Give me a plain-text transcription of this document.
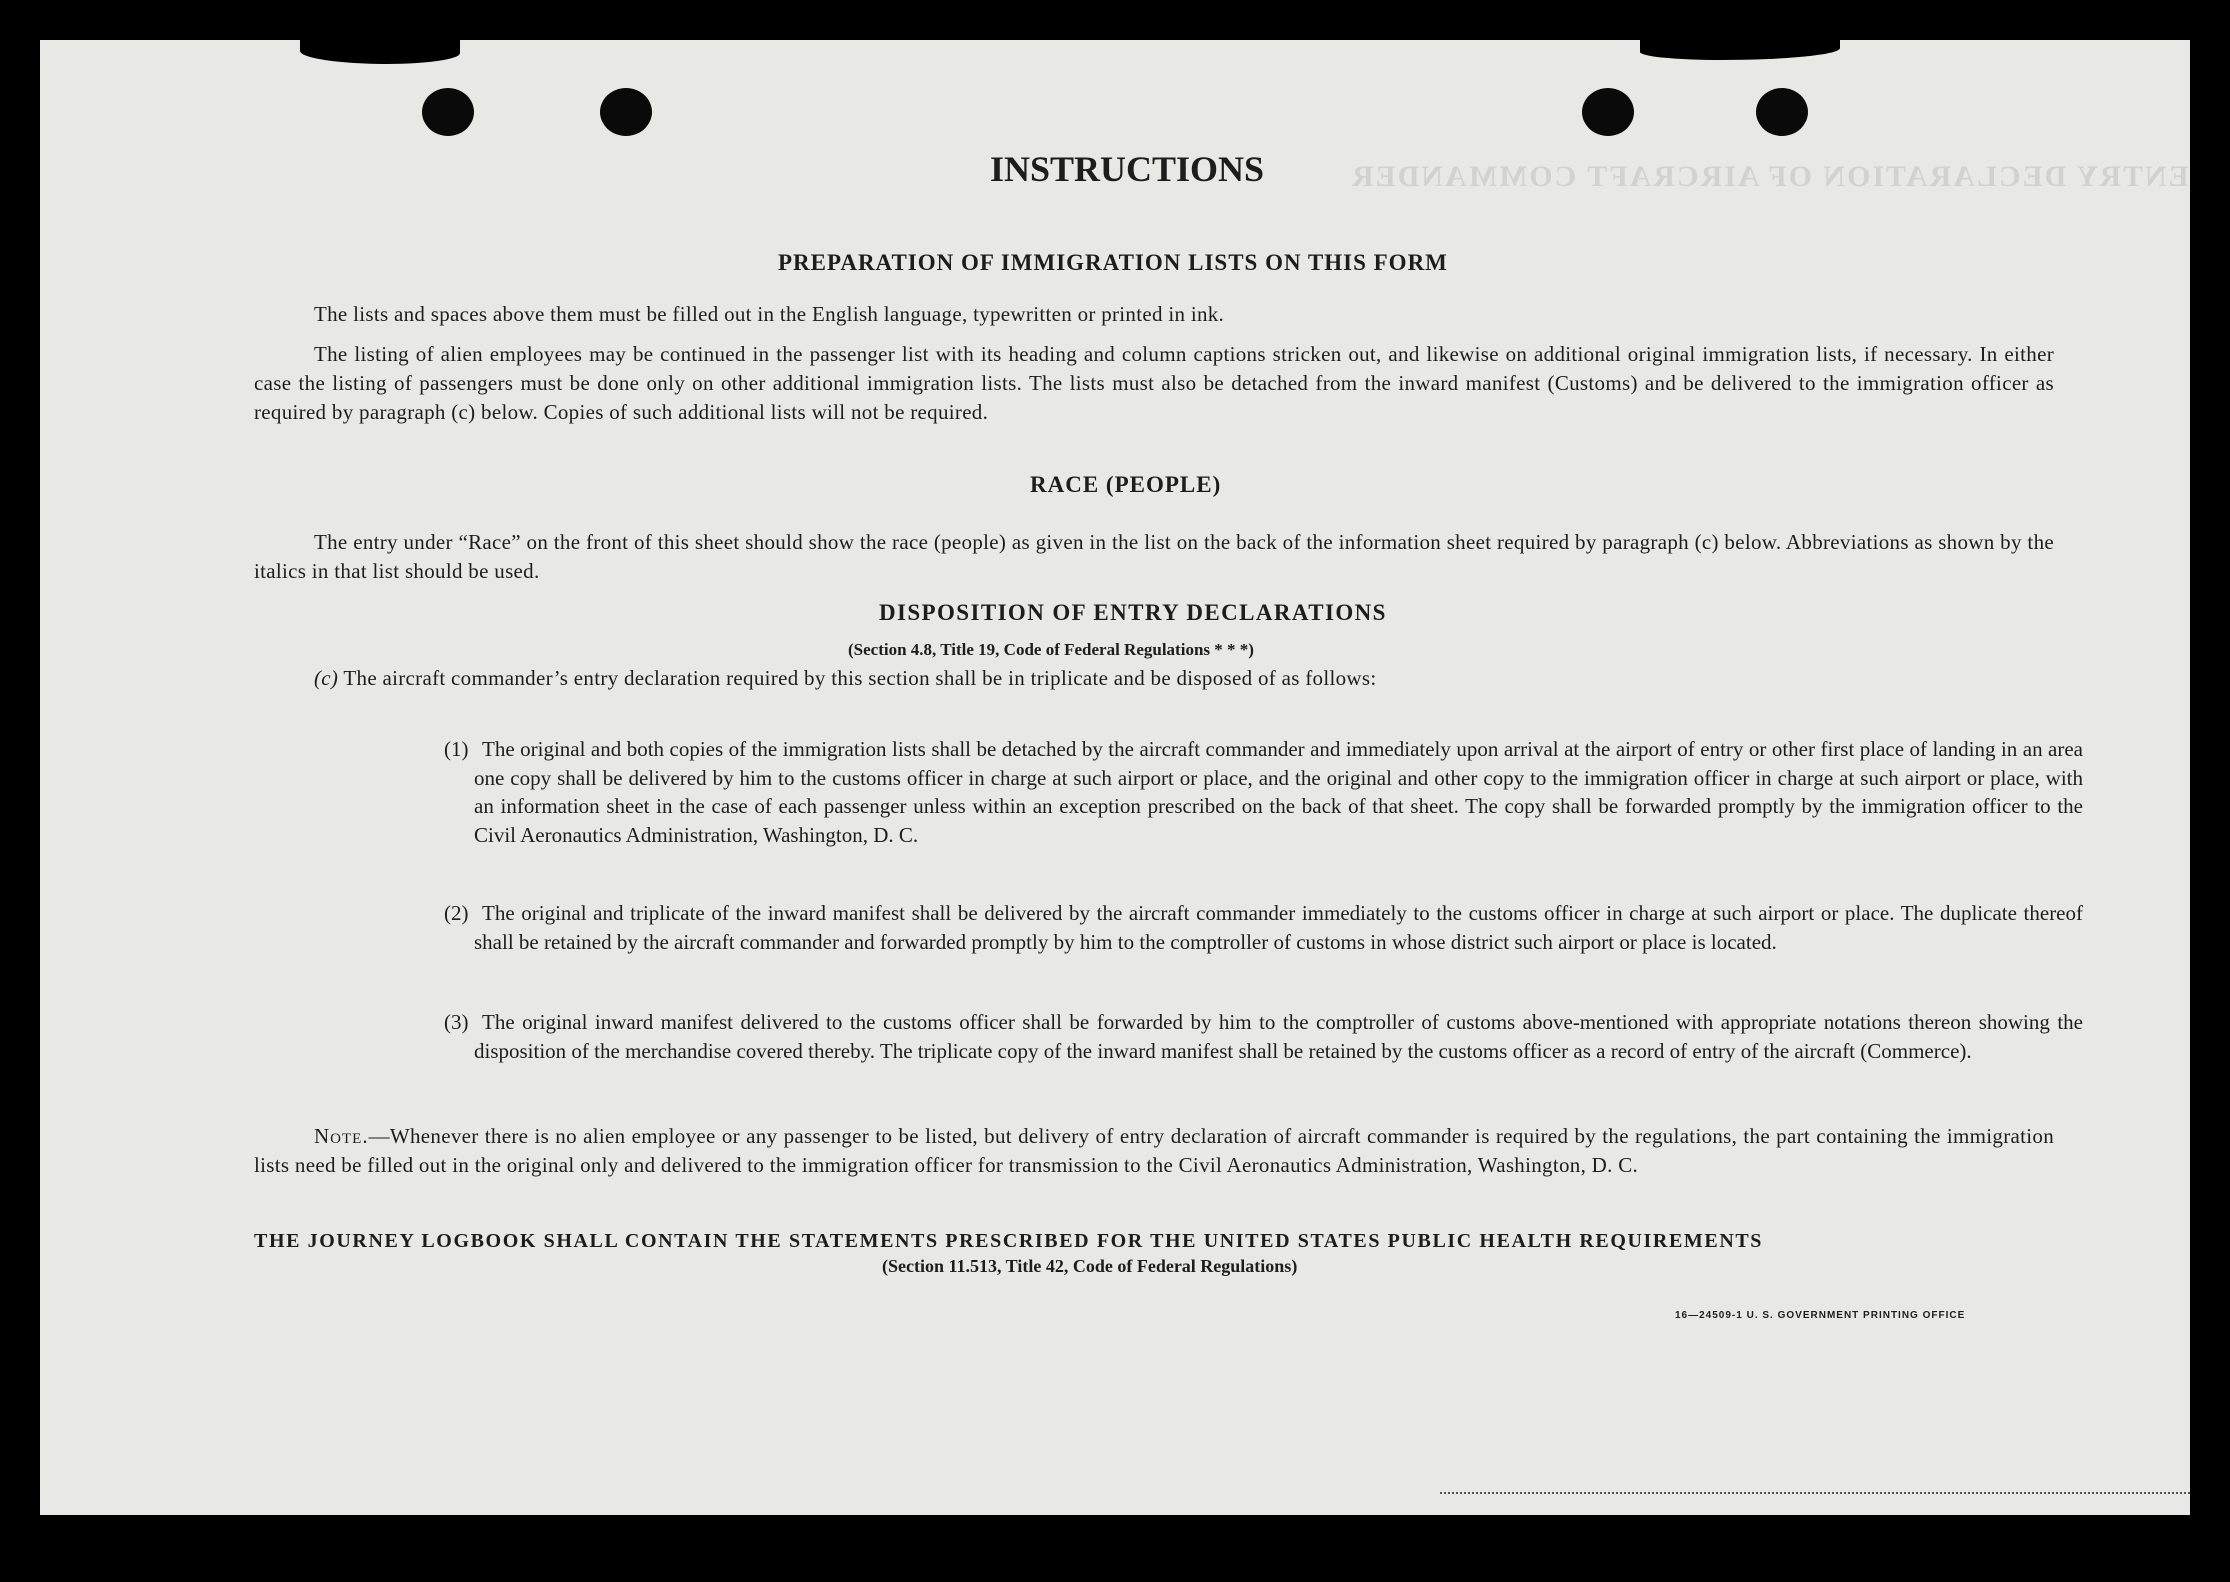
ENTRY DECLARATION OF AIRCRAFT COMMANDER
INSTRUCTIONS
PREPARATION OF IMMIGRATION LISTS ON THIS FORM
The lists and spaces above them must be filled out in the English language, typewritten or printed in ink.
The listing of alien employees may be continued in the passenger list with its heading and column captions stricken out, and likewise on additional original immigration lists, if necessary. In either case the listing of passengers must be done only on other additional immigration lists. The lists must also be detached from the inward manifest (Customs) and be delivered to the immigration officer as required by paragraph (c) below. Copies of such additional lists will not be required.
RACE (PEOPLE)
The entry under “Race” on the front of this sheet should show the race (people) as given in the list on the back of the information sheet required by paragraph (c) below. Abbreviations as shown by the italics in that list should be used.
DISPOSITION OF ENTRY DECLARATIONS
(Section 4.8, Title 19, Code of Federal Regulations * * *)
(c) The aircraft commander’s entry declaration required by this section shall be in triplicate and be disposed of as follows:
(1) The original and both copies of the immigration lists shall be detached by the aircraft commander and immediately upon arrival at the airport of entry or other first place of landing in an area one copy shall be delivered by him to the customs officer in charge at such airport or place, and the original and other copy to the immigration officer in charge at such airport or place, with an information sheet in the case of each passenger unless within an exception prescribed on the back of that sheet. The copy shall be forwarded promptly by the immigration officer to the Civil Aeronautics Administration, Washington, D. C.
(2) The original and triplicate of the inward manifest shall be delivered by the aircraft commander immediately to the customs officer in charge at such airport or place. The duplicate thereof shall be retained by the aircraft commander and forwarded promptly by him to the comptroller of customs in whose district such airport or place is located.
(3) The original inward manifest delivered to the customs officer shall be forwarded by him to the comptroller of customs above-mentioned with appropriate notations thereon showing the disposition of the merchandise covered thereby. The triplicate copy of the inward manifest shall be retained by the customs officer as a record of entry of the aircraft (Commerce).
Note.—Whenever there is no alien employee or any passenger to be listed, but delivery of entry declaration of aircraft commander is required by the regulations, the part containing the immigration lists need be filled out in the original only and delivered to the immigration officer for transmission to the Civil Aeronautics Administration, Washington, D. C.
THE JOURNEY LOGBOOK SHALL CONTAIN THE STATEMENTS PRESCRIBED FOR THE UNITED STATES PUBLIC HEALTH REQUIREMENTS
(Section 11.513, Title 42, Code of Federal Regulations)
16—24509-1 U. S. GOVERNMENT PRINTING OFFICE
